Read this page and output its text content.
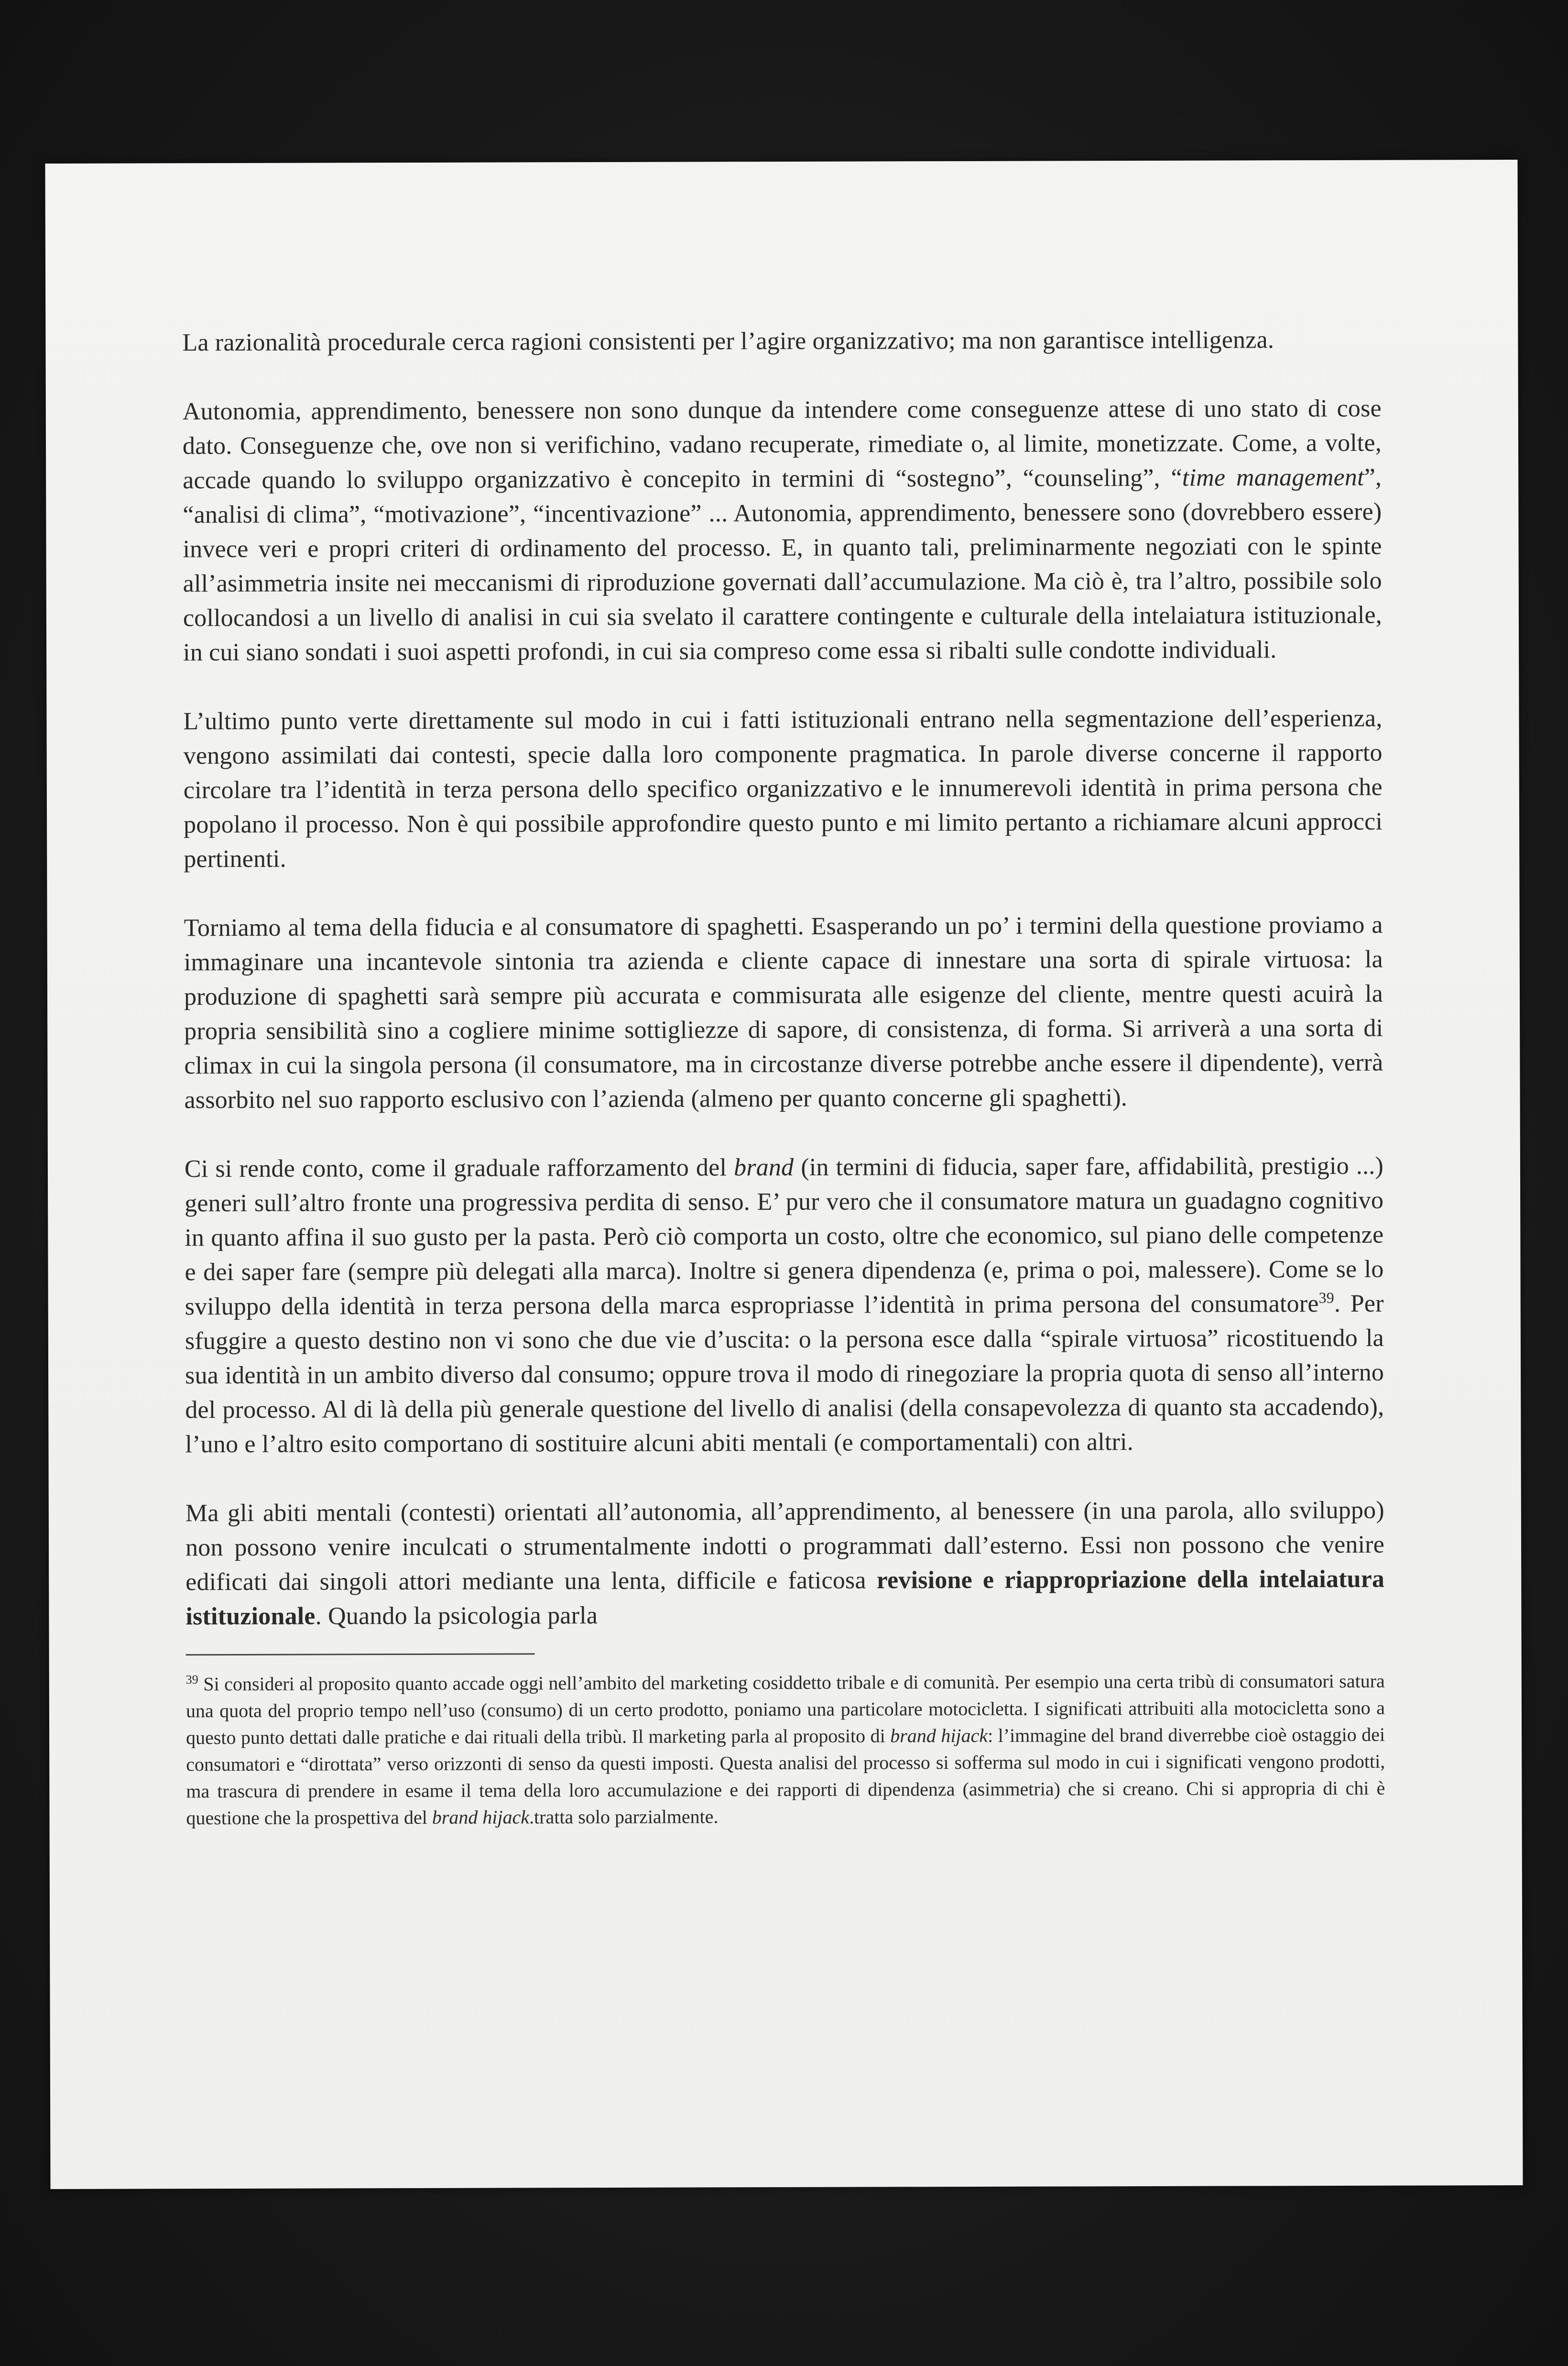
La razionalità procedurale cerca ragioni consistenti per l’agire organizzativo; ma non garantisce intelligenza.

Autonomia, apprendimento, benessere non sono dunque da intendere come conseguenze attese di uno stato di cose dato. Conseguenze che, ove non si verifichino, vadano recuperate, rimediate o, al limite, monetizzate. Come, a volte, accade quando lo sviluppo organizzativo è concepito in termini di “sostegno”, “counseling”, “time management”, “analisi di clima”, “motivazione”, “incentivazione” ... Autonomia, apprendimento, benessere sono (dovrebbero essere) invece veri e propri criteri di ordinamento del processo. E, in quanto tali, preliminarmente negoziati con le spinte all’asimmetria insite nei meccanismi di riproduzione governati dall’accumulazione. Ma ciò è, tra l’altro, possibile solo collocandosi a un livello di analisi in cui sia svelato il carattere contingente e culturale della intelaiatura istituzionale, in cui siano sondati i suoi aspetti profondi, in cui sia compreso come essa si ribalti sulle condotte individuali.

L’ultimo punto verte direttamente sul modo in cui i fatti istituzionali entrano nella segmentazione dell’esperienza, vengono assimilati dai contesti, specie dalla loro componente pragmatica. In parole diverse concerne il rapporto circolare tra l’identità in terza persona dello specifico organizzativo e le innumerevoli identità in prima persona che popolano il processo. Non è qui possibile approfondire questo punto e mi limito pertanto a richiamare alcuni approcci pertinenti.

Torniamo al tema della fiducia e al consumatore di spaghetti. Esasperando un po’ i termini della questione proviamo a immaginare una incantevole sintonia tra azienda e cliente capace di innestare una sorta di spirale virtuosa: la produzione di spaghetti sarà sempre più accurata e commisurata alle esigenze del cliente, mentre questi acuirà la propria sensibilità sino a cogliere minime sottigliezze di sapore, di consistenza, di forma. Si arriverà a una sorta di climax in cui la singola persona (il consumatore, ma in circostanze diverse potrebbe anche essere il dipendente), verrà assorbito nel suo rapporto esclusivo con l’azienda (almeno per quanto concerne gli spaghetti).

Ci si rende conto, come il graduale rafforzamento del brand (in termini di fiducia, saper fare, affidabilità, prestigio ...) generi sull’altro fronte una progressiva perdita di senso. E’ pur vero che il consumatore matura un guadagno cognitivo in quanto affina il suo gusto per la pasta. Però ciò comporta un costo, oltre che economico, sul piano delle competenze e dei saper fare (sempre più delegati alla marca). Inoltre si genera dipendenza (e, prima o poi, malessere). Come se lo sviluppo della identità in terza persona della marca espropriasse l’identità in prima persona del consumatore$^{39}$. Per sfuggire a questo destino non vi sono che due vie d’uscita: o la persona esce dalla “spirale virtuosa” ricostituendo la sua identità in un ambito diverso dal consumo; oppure trova il modo di rinegoziare la propria quota di senso all’interno del processo. Al di là della più generale questione del livello di analisi (della consapevolezza di quanto sta accadendo), l’uno e l’altro esito comportano di sostituire alcuni abiti mentali (e comportamentali) con altri.

Ma gli abiti mentali (contesti) orientati all’autonomia, all’apprendimento, al benessere (in una parola, allo sviluppo) non possono venire inculcati o strumentalmente indotti o programmati dall’esterno. Essi non possono che venire edificati dai singoli attori mediante una lenta, difficile e faticosa revisione e riappropriazione della intelaiatura istituzionale. Quando la psicologia parla

$^{39}$ Si consideri al proposito quanto accade oggi nell’ambito del marketing cosiddetto tribale e di comunità. Per esempio una certa tribù di consumatori satura una quota del proprio tempo nell’uso (consumo) di un certo prodotto, poniamo una particolare motocicletta. I significati attribuiti alla motocicletta sono a questo punto dettati dalle pratiche e dai rituali della tribù. Il marketing parla al proposito di brand hijack: l’immagine del brand diverrebbe cioè ostaggio dei consumatori e “dirottata” verso orizzonti di senso da questi imposti. Questa analisi del processo si sofferma sul modo in cui i significati vengono prodotti, ma trascura di prendere in esame il tema della loro accumulazione e dei rapporti di dipendenza (asimmetria) che si creano. Chi si appropria di chi è questione che la prospettiva del brand hijack.tratta solo parzialmente.
